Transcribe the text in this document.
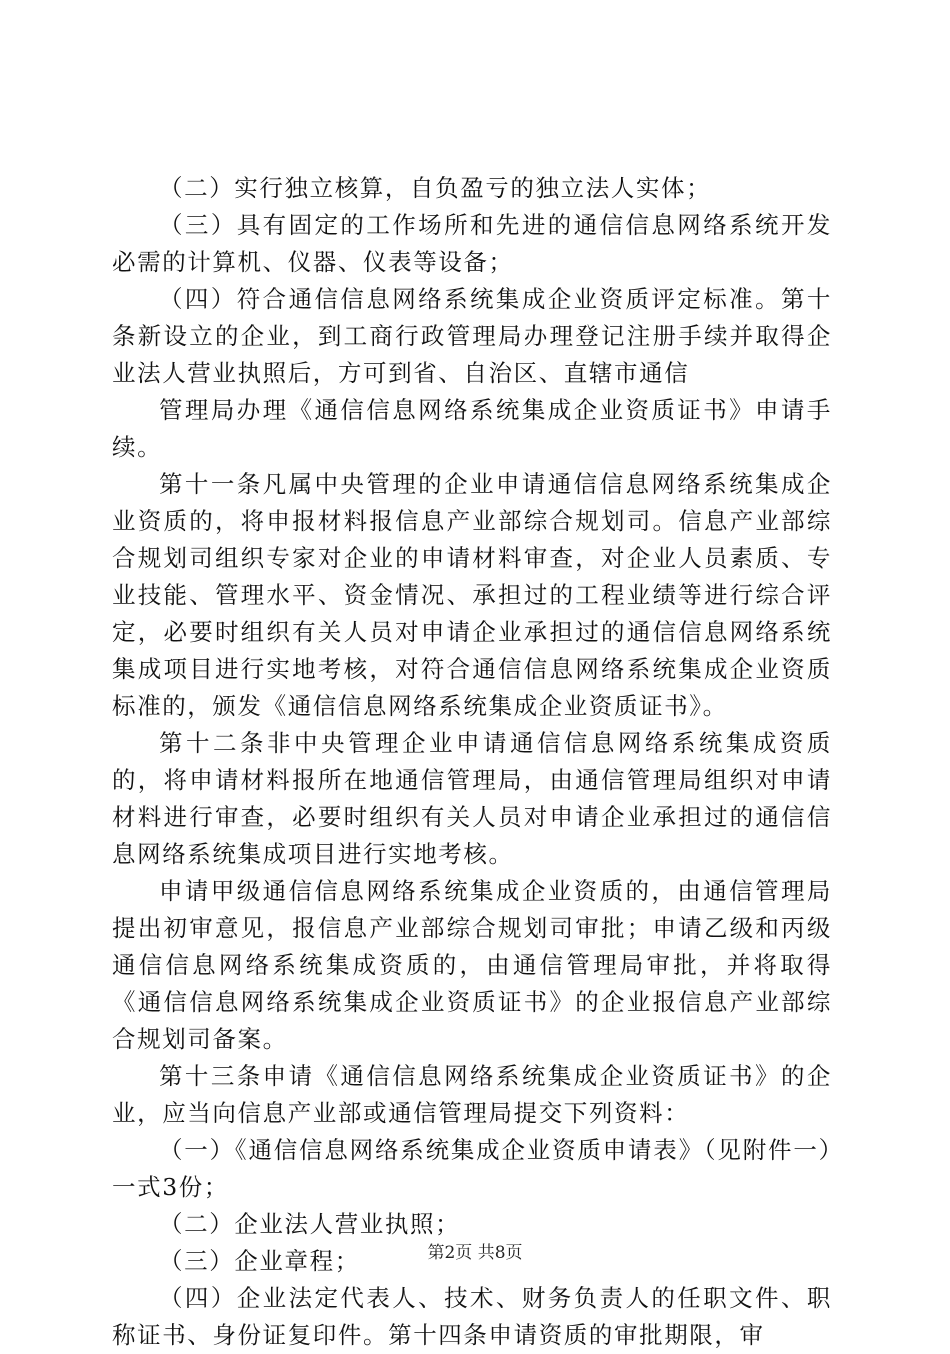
（二）实行独立核算，自负盈亏的独立法人实体；

（三）具有固定的工作场所和先进的通信信息网络系统开发必需的计算机、仪器、仪表等设备；

（四）符合通信信息网络系统集成企业资质评定标准。第十条新设立的企业，到工商行政管理局办理登记注册手续并取得企业法人营业执照后，方可到省、自治区、直辖市通信

管理局办理《通信信息网络系统集成企业资质证书》申请手续。

第十一条凡属中央管理的企业申请通信信息网络系统集成企业资质的，将申报材料报信息产业部综合规划司。信息产业部综合规划司组织专家对企业的申请材料审查，对企业人员素质、专业技能、管理水平、资金情况、承担过的工程业绩等进行综合评定，必要时组织有关人员对申请企业承担过的通信信息网络系统集成项目进行实地考核，对符合通信信息网络系统集成企业资质标准的，颁发《通信信息网络系统集成企业资质证书》。

第十二条非中央管理企业申请通信信息网络系统集成资质的，将申请材料报所在地通信管理局，由通信管理局组织对申请材料进行审查，必要时组织有关人员对申请企业承担过的通信信息网络系统集成项目进行实地考核。

申请甲级通信信息网络系统集成企业资质的，由通信管理局提出初审意见，报信息产业部综合规划司审批；申请乙级和丙级通信信息网络系统集成资质的，由通信管理局审批，并将取得《通信信息网络系统集成企业资质证书》的企业报信息产业部综合规划司备案。

第十三条申请《通信信息网络系统集成企业资质证书》的企业，应当向信息产业部或通信管理局提交下列资料：

（一）《通信信息网络系统集成企业资质申请表》（见附件一）一式3份；

（二）企业法人营业执照；

（三）企业章程；

（四）企业法定代表人、技术、财务负责人的任职文件、职称证书、身份证复印件。第十四条申请资质的审批期限，审

第2页 共8页
